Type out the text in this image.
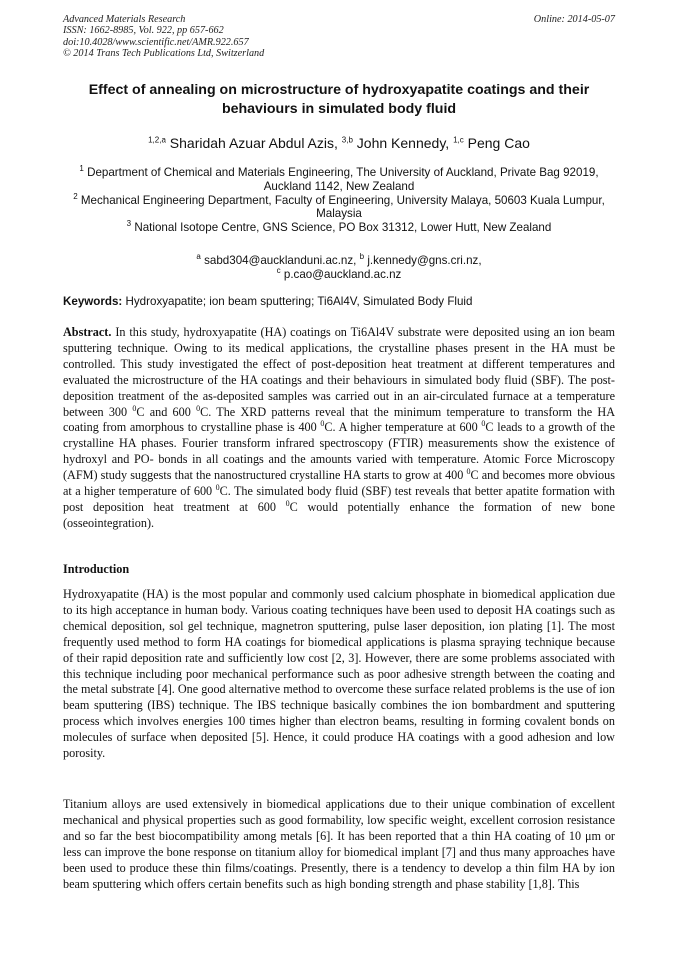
Advanced Materials Research
ISSN: 1662-8985, Vol. 922, pp 657-662
doi:10.4028/www.scientific.net/AMR.922.657
© 2014 Trans Tech Publications Ltd, Switzerland
Online: 2014-05-07
Effect of annealing on microstructure of hydroxyapatite coatings and their behaviours in simulated body fluid
$^{1,2,a}$ Sharidah Azuar Abdul Azis, $^{3,b}$ John Kennedy, $^{1,c}$ Peng Cao
$^1$ Department of Chemical and Materials Engineering, The University of Auckland, Private Bag 92019, Auckland 1142, New Zealand
$^2$ Mechanical Engineering Department, Faculty of Engineering, University Malaya, 50603 Kuala Lumpur, Malaysia
$^3$ National Isotope Centre, GNS Science, PO Box 31312, Lower Hutt, New Zealand
$^a$ sabd304@aucklanduni.ac.nz, $^b$ j.kennedy@gns.cri.nz,
$^c$ p.cao@auckland.ac.nz
Keywords: Hydroxyapatite; ion beam sputtering; Ti6Al4V, Simulated Body Fluid
Abstract. In this study, hydroxyapatite (HA) coatings on Ti6Al4V substrate were deposited using an ion beam sputtering technique. Owing to its medical applications, the crystalline phases present in the HA must be controlled. This study investigated the effect of post-deposition heat treatment at different temperatures and evaluated the microstructure of the HA coatings and their behaviours in simulated body fluid (SBF). The post-deposition treatment of the as-deposited samples was carried out in an air-circulated furnace at a temperature between 300 $^0$C and 600 $^0$C. The XRD patterns reveal that the minimum temperature to transform the HA coating from amorphous to crystalline phase is 400 $^0$C. A higher temperature at 600 $^0$C leads to a growth of the crystalline HA phases. Fourier transform infrared spectroscopy (FTIR) measurements show the existence of hydroxyl and PO- bonds in all coatings and the amounts varied with temperature. Atomic Force Microscopy (AFM) study suggests that the nanostructured crystalline HA starts to grow at 400 $^0$C and becomes more obvious at a higher temperature of 600 $^0$C. The simulated body fluid (SBF) test reveals that better apatite formation with post deposition heat treatment at 600 $^0$C would potentially enhance the formation of new bone (osseointegration).
Introduction
Hydroxyapatite (HA) is the most popular and commonly used calcium phosphate in biomedical application due to its high acceptance in human body. Various coating techniques have been used to deposit HA coatings such as chemical deposition, sol gel technique, magnetron sputtering, pulse laser deposition, ion plating [1]. The most frequently used method to form HA coatings for biomedical applications is plasma spraying technique because of their rapid deposition rate and sufficiently low cost [2, 3]. However, there are some problems associated with this technique including poor mechanical performance such as poor adhesive strength between the coating and the metal substrate [4]. One good alternative method to overcome these surface related problems is the use of ion beam sputtering (IBS) technique. The IBS technique basically combines the ion bombardment and sputtering process which involves energies 100 times higher than electron beams, resulting in forming covalent bonds on molecules of surface when deposited [5]. Hence, it could produce HA coatings with a good adhesion and low porosity.
Titanium alloys are used extensively in biomedical applications due to their unique combination of excellent mechanical and physical properties such as good formability, low specific weight, excellent corrosion resistance and so far the best biocompatibility among metals [6]. It has been reported that a thin HA coating of 10 μm or less can improve the bone response on titanium alloy for biomedical implant [7] and thus many approaches have been used to produce these thin films/coatings. Presently, there is a tendency to develop a thin film HA by ion beam sputtering which offers certain benefits such as high bonding strength and phase stability [1,8]. This
